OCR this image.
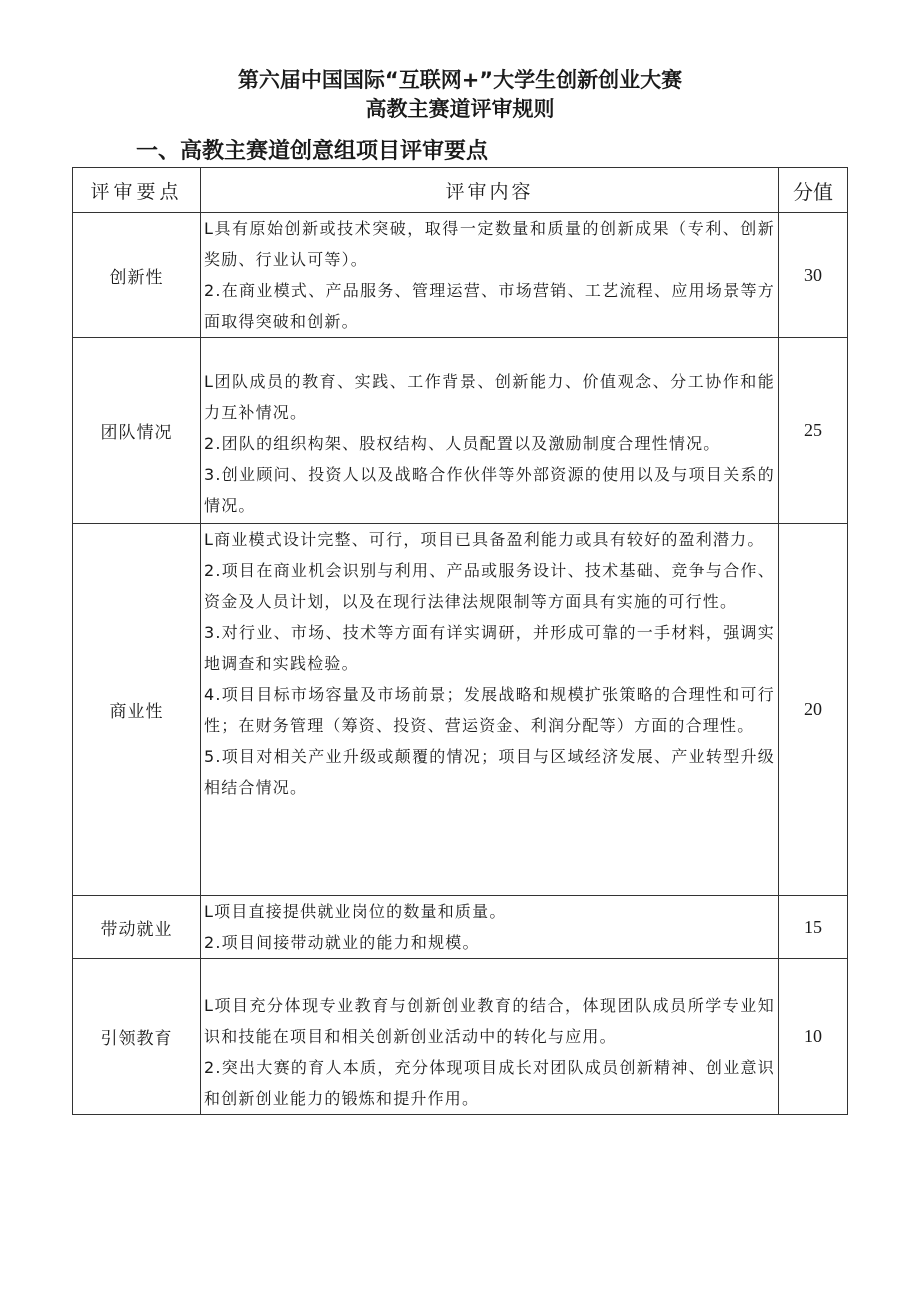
第六届中国国际“互联网+”大学生创新创业大赛
高教主赛道评审规则
一、高教主赛道创意组项目评审要点
评审要点	评审内容	分值
创新性	L具有原始创新或技术突破，取得一定数量和质量的创新成果（专利、创新奖励、行业认可等）。

2.在商业模式、产品服务、管理运营、市场营销、工艺流程、应用场景等方面取得突破和创新。	30
团队情况	L团队成员的教育、实践、工作背景、创新能力、价值观念、分工协作和能力互补情况。

2.团队的组织构架、股权结构、人员配置以及激励制度合理性情况。

3.创业顾问、投资人以及战略合作伙伴等外部资源的使用以及与项目关系的情况。	25
商业性	L商业模式设计完整、可行，项目已具备盈利能力或具有较好的盈利潜力。

2.项目在商业机会识别与利用、产品或服务设计、技术基础、竞争与合作、资金及人员计划，以及在现行法律法规限制等方面具有实施的可行性。

3.对行业、市场、技术等方面有详实调研，并形成可靠的一手材料，强调实地调查和实践检验。

4.项目目标市场容量及市场前景；发展战略和规模扩张策略的合理性和可行性；在财务管理（筹资、投资、营运资金、利润分配等）方面的合理性。

5.项目对相关产业升级或颠覆的情况；项目与区域经济发展、产业转型升级相结合情况。	20
带动就业	L项目直接提供就业岗位的数量和质量。

2.项目间接带动就业的能力和规模。	15
引领教育	L项目充分体现专业教育与创新创业教育的结合，体现团队成员所学专业知识和技能在项目和相关创新创业活动中的转化与应用。

2.突出大赛的育人本质，充分体现项目成长对团队成员创新精神、创业意识和创新创业能力的锻炼和提升作用。	10
